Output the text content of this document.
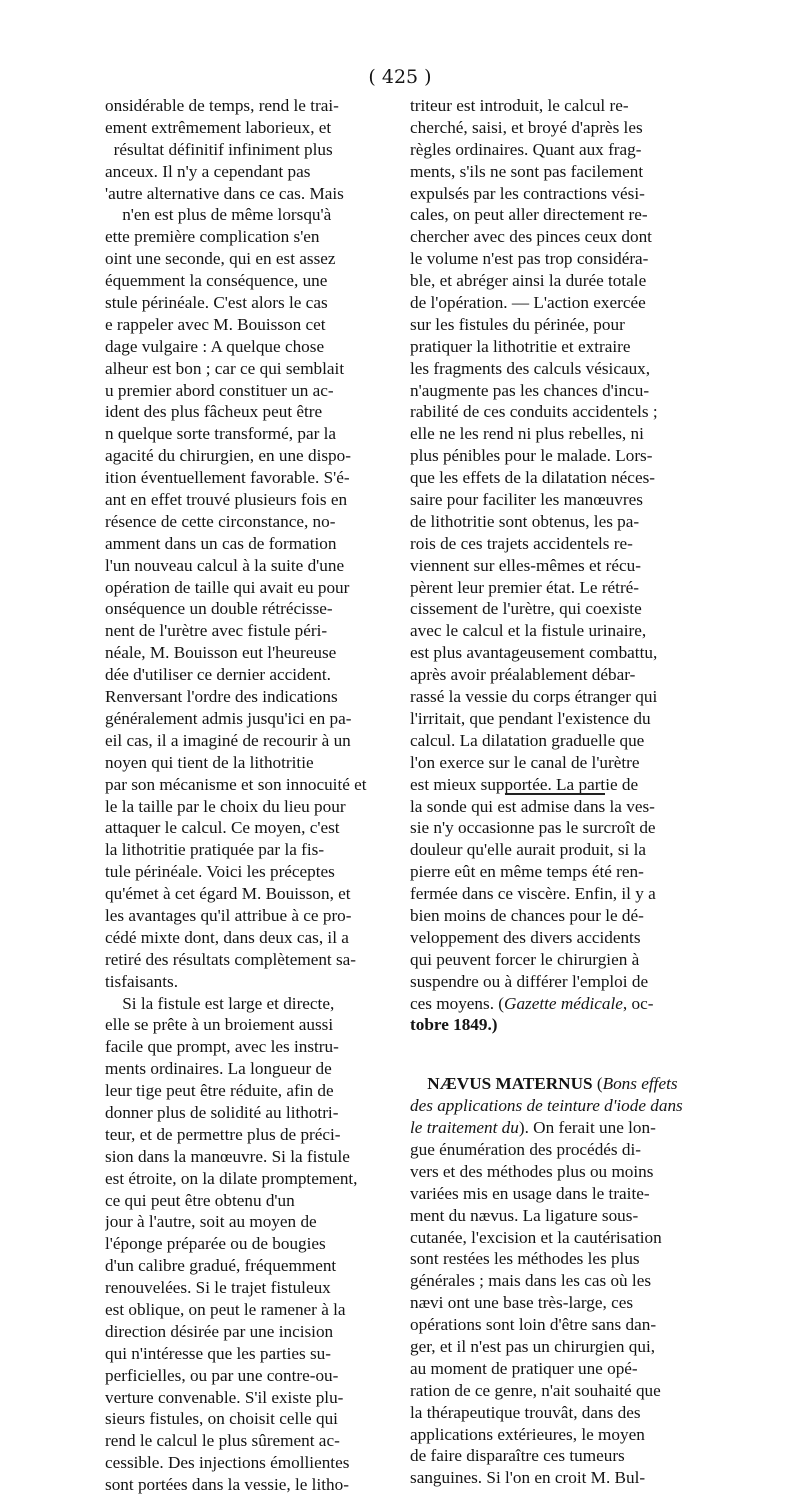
( 425 )
onsidérable de temps, rend le trai-
ement extrêmement laborieux, et
résultat définitif infiniment plus
anceux. Il n'y a cependant pas
'autre alternative dans ce cas. Mais
n'en est plus de même lorsqu'à
ette première complication s'en
oint une seconde, qui en est assez
équemment la conséquence, une
stule périnéale. C'est alors le cas
e rappeler avec M. Bouisson cet
dage vulgaire : A quelque chose
alheur est bon ; car ce qui semblait
u premier abord constituer un ac-
ident des plus fâcheux peut être
n quelque sorte transformé, par la
agacité du chirurgien, en une dispo-
ition éventuellement favorable. S'é-
ant en effet trouvé plusieurs fois en
résence de cette circonstance, no-
amment dans un cas de formation
l'un nouveau calcul à la suite d'une
opération de taille qui avait eu pour
onséquence un double rétrécisse-
nent de l'urètre avec fistule péri-
néale, M. Bouisson eut l'heureuse
dée d'utiliser ce dernier accident.
Renversant l'ordre des indications
généralement admis jusqu'ici en pa-
eil cas, il a imaginé de recourir à un
noyen qui tient de la lithotritie
par son mécanisme et son innocuité et
le la taille par le choix du lieu pour
attaquer le calcul. Ce moyen, c'est
la lithotritie pratiquée par la fis-
tule périnéale. Voici les préceptes
qu'émet à cet égard M. Bouisson, et
les avantages qu'il attribue à ce pro-
cédé mixte dont, dans deux cas, il a
retiré des résultats complètement sa-
tisfaisants.
Si la fistule est large et directe,
elle se prête à un broiement aussi
facile que prompt, avec les instru-
ments ordinaires. La longueur de
leur tige peut être réduite, afin de
donner plus de solidité au lithotri-
teur, et de permettre plus de préci-
sion dans la manœuvre. Si la fistule
est étroite, on la dilate promptement,
ce qui peut être obtenu d'un
jour à l'autre, soit au moyen de
l'éponge préparée ou de bougies
d'un calibre gradué, fréquemment
renouvelées. Si le trajet fistuleux
est oblique, on peut le ramener à la
direction désirée par une incision
qui n'intéresse que les parties su-
perficielles, ou par une contre-ou-
verture convenable. S'il existe plu-
sieurs fistules, on choisit celle qui
rend le calcul le plus sûrement ac-
cessible. Des injections émollientes
sont portées dans la vessie, le litho-
triteur est introduit, le calcul re-
cherché, saisi, et broyé d'après les
règles ordinaires. Quant aux frag-
ments, s'ils ne sont pas facilement
expulsés par les contractions vési-
cales, on peut aller directement re-
chercher avec des pinces ceux dont
le volume n'est pas trop considéra-
ble, et abréger ainsi la durée totale
de l'opération. — L'action exercée
sur les fistules du périnée, pour
pratiquer la lithotritie et extraire
les fragments des calculs vésicaux,
n'augmente pas les chances d'incu-
rabilité de ces conduits accidentels ;
elle ne les rend ni plus rebelles, ni
plus pénibles pour le malade. Lors-
que les effets de la dilatation néces-
saire pour faciliter les manœuvres
de lithotritie sont obtenus, les pa-
rois de ces trajets accidentels re-
viennent sur elles-mêmes et récu-
pèrent leur premier état. Le rétré-
cissement de l'urètre, qui coexiste
avec le calcul et la fistule urinaire,
est plus avantageusement combattu,
après avoir préalablement débar-
rassé la vessie du corps étranger qui
l'irritait, que pendant l'existence du
calcul. La dilatation graduelle que
l'on exerce sur le canal de l'urètre
est mieux supportée. La partie de
la sonde qui est admise dans la ves-
sie n'y occasionne pas le surcroît de
douleur qu'elle aurait produit, si la
pierre eût en même temps été ren-
fermée dans ce viscère. Enfin, il y a
bien moins de chances pour le dé-
veloppement des divers accidents
qui peuvent forcer le chirurgien à
suspendre ou à différer l'emploi de
ces moyens. (Gazette médicale, oc-
tobre 1849.)
NÆVUS MATERNUS (Bons effets
des applications de teinture d'iode dans
le traitement du). On ferait une lon-
gue énumération des procédés di-
vers et des méthodes plus ou moins
variées mis en usage dans le traite-
ment du nævus. La ligature sous-
cutanée, l'excision et la cautérisation
sont restées les méthodes les plus
générales ; mais dans les cas où les
nævi ont une base très-large, ces
opérations sont loin d'être sans dan-
ger, et il n'est pas un chirurgien qui,
au moment de pratiquer une opé-
ration de ce genre, n'ait souhaité que
la thérapeutique trouvât, dans des
applications extérieures, le moyen
de faire disparaître ces tumeurs
sanguines. Si l'on en croit M. Bul-
